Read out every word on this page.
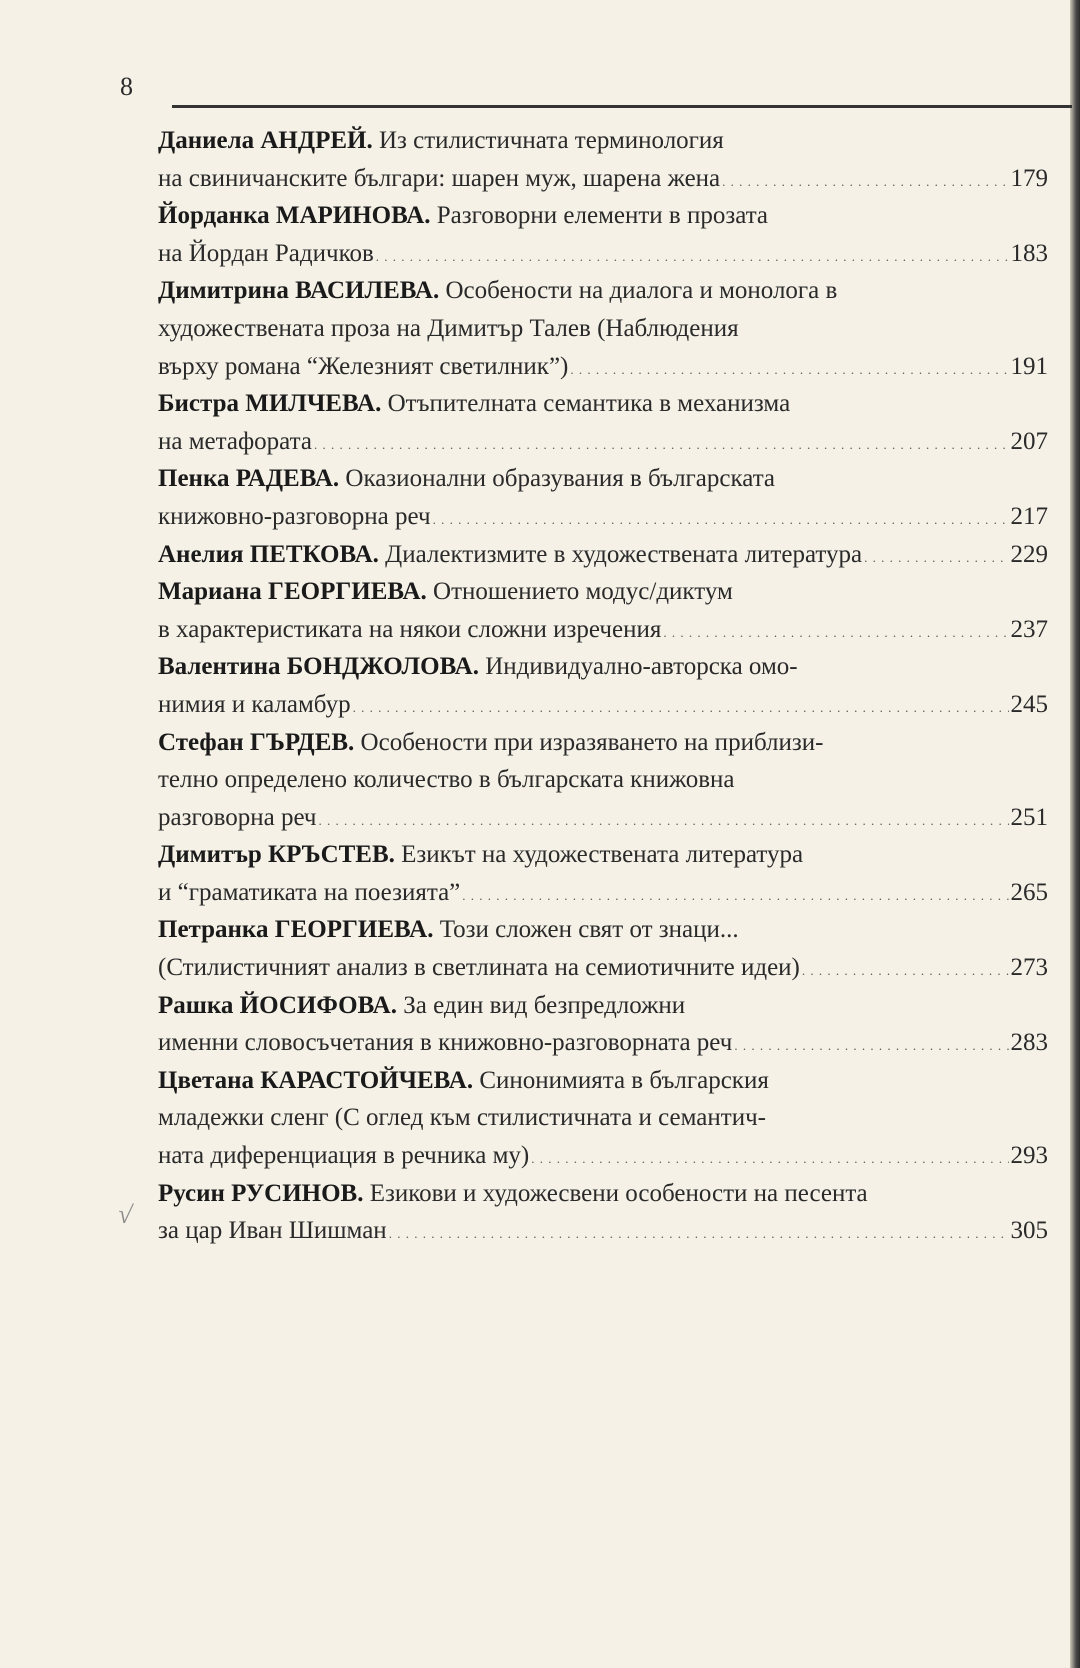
8
√
Даниела АНДРЕЙ. Из стилистичната терминология
на свиничанските българи: шарен муж, шарена жена . . .	179
Йорданка МАРИНОВА. Разговорни елементи в прозата
на Йордан Радичков . . .	183
Димитрина ВАСИЛЕВА. Особености на диалога и монолога в
художествената проза на Димитър Талев (Наблюдения
върху романа “Железният светилник”) . . .	191
Бистра МИЛЧЕВА. Отъпителната семантика в механизма
на метафората . . .	207
Пенка РАДЕВА. Оказионални образувания в българската
книжовно-разговорна реч . . .	217
Анелия ПЕТКОВА. Диалектизмите в художествената литература . . .	229
Мариана ГЕОРГИЕВА. Отношението модус/диктум
в характеристиката на някои сложни изречения . . .	237
Валентина БОНДЖОЛОВА. Индивидуално-авторска омо-
нимия и каламбур . . .	245
Стефан ГЪРДЕВ. Особености при изразяването на приблизи-
телно определено количество в българската книжовна
разговорна реч . . .	251
Димитър КРЪСТЕВ. Езикът на художествената литература
и “граматиката на поезията” . . .	265
Петранка ГЕОРГИЕВА. Този сложен свят от знаци...
(Стилистичният анализ в светлината на семиотичните идеи) . . .	273
Рашка ЙОСИФОВА. За един вид безпредложни
именни словосъчетания в книжовно-разговорната реч . . .	283
Цветана КАРАСТОЙЧЕВА. Синонимията в българския
младежки сленг (С оглед към стилистичната и семантич-
ната диференциация в речника му) . . .	293
Русин РУСИНОВ. Езикови и художесвени особености на песента
за цар Иван Шишман . . .	305
